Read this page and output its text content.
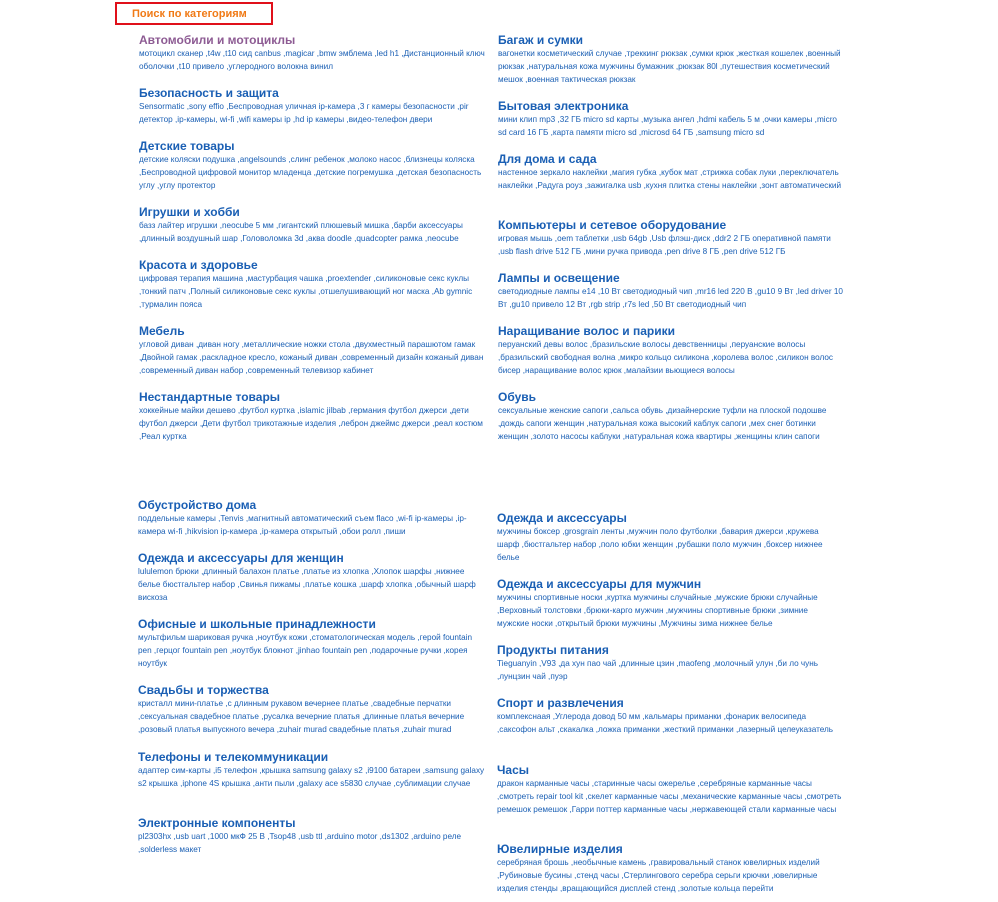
Поиск по категориям
Автомобили и мотоциклы
мотоцикл сканер ,t4w ,t10 сид canbus ,magicar ,bmw эмблема ,led h1 ,Дистанционный ключ оболочки ,t10 привело ,углеродного волокна винил
Безопасность и защита
Sensormatic ,sony effio ,Беспроводная уличная ip-камера ,3 г камеры безопасности ,pir детектор ,ip-камеры, wi-fi ,wifi камеры ip ,hd ip камеры ,видео-телефон двери
Детские товары
детские коляски подушка ,angelsounds ,слинг ребенок ,молоко насос ,близнецы коляска ,Беспроводной цифровой монитор младенца ,детские погремушка ,детская безопасность углу ,углу протектор
Игрушки и хобби
базз лайтер игрушки ,neocube 5 мм ,гигантский плюшевый мишка ,барби аксессуары ,длинный воздушный шар ,Головоломка 3d ,аква doodle ,quadcopter рамка ,neocube
Красота и здоровье
цифровая терапия машина ,мастурбация чашка ,proextender ,силиконовые секс куклы ,тонкий патч ,Полный силиконовые секс куклы ,отшелушивающий ног маска ,Ab gymnic ,турмалин пояса
Мебель
угловой диван ,диван ногу ,металлические ножки стола ,двухместный парашютом гамак ,Двойной гамак ,раскладное кресло, кожаный диван ,современный дизайн кожаный диван ,современный диван набор ,современный телевизор кабинет
Нестандартные товары
хоккейные майки дешево ,футбол куртка ,islamic jilbab ,германия футбол джерси ,дети футбол джерси ,Дети футбол трикотажные изделия ,леброн джеймс джерси ,реал костюм ,Реал куртка
Багаж и сумки
вагонетки косметический случае ,треккинг рюкзак ,сумки крюк ,жесткая кошелек ,военный рюкзак ,натуральная кожа мужчины бумажник ,рюкзак 80l ,путешествия косметический мешок ,военная тактическая рюкзак
Бытовая электроника
мини клип mp3 ,32 ГБ micro sd карты ,музыка ангел ,hdmi кабель 5 м ,очки камеры ,micro sd card 16 ГБ ,карта памяти micro sd ,microsd 64 ГБ ,samsung micro sd
Для дома и сада
настенное зеркало наклейки ,магия губка ,кубок мат ,стрижка собак луки ,переключатель наклейки ,Радуга роуз ,зажигалка usb ,кухня плитка стены наклейки ,зонт автоматический
Компьютеры и сетевое оборудование
игровая мышь ,oem таблетки ,usb 64gb ,Usb флэш-диск ,ddr2 2 ГБ оперативной памяти ,usb flash drive 512 ГБ ,мини ручка привода ,pen drive 8 ГБ ,pen drive 512 ГБ
Лампы и освещение
светодиодные лампы e14 ,10 Вт светодиодный чип ,mr16 led 220 В ,gu10 9 Вт ,led driver 10 Вт ,gu10 привело 12 Вт ,rgb strip ,r7s led ,50 Вт светодиодный чип
Наращивание волос и парики
перуанский девы волос ,бразильские волосы девственницы ,перуанские волосы ,бразильский свободная волна ,микро кольцо силикона ,королева волос ,силикон волос бисер ,наращивание волос крюк ,малайзии вьющиеся волосы
Обувь
сексуальные женские сапоги ,сальса обувь ,дизайнерские туфли на плоской подошве ,дождь сапоги женщин ,натуральная кожа высокий каблук сапоги ,мех снег ботинки женщин ,золото насосы каблуки ,натуральная кожа квартиры ,женщины клин сапоги
Обустройство дома
поддельные камеры ,Tenvis ,магнитный автоматический съем flaco ,wi-fi ip-камеры ,ip-камера wi-fi ,hikvision ip-камера ,ip-камера открытый ,обои ролл ,пиши
Одежда и аксессуары для женщин
lululemon брюки ,длинный балахон платье ,платье из хлопка ,Хлопок шарфы ,нижнее белье бюстгальтер набор ,Свинья пижамы ,платье кошка ,шарф хлопка ,обычный шарф вискоза
Офисные и школьные принадлежности
мультфильм шариковая ручка ,ноутбук кожи ,стоматологическая модель ,герой fountain pen ,герцог fountain pen ,ноутбук блокнот ,jinhao fountain pen ,подарочные ручки ,корея ноутбук
Свадьбы и торжества
кристалл мини-платье ,с длинным рукавом вечернее платье ,свадебные перчатки ,сексуальная свадебное платье ,русалка вечерние платья ,длинные платья вечерние ,розовый платья выпускного вечера ,zuhair murad свадебные платья ,zuhair murad
Телефоны и телекоммуникации
адаптер сим-карты ,i5 телефон ,крышка samsung galaxy s2 ,i9100 батареи ,samsung galaxy s2 крышка ,iphone 4S крышка ,анти пыли ,galaxy ace s5830 случае ,сублимации случае
Электронные компоненты
pl2303hx ,usb uart ,1000 мкФ 25 В ,Tsop48 ,usb ttl ,arduino motor ,ds1302 ,arduino реле ,solderless макет
Одежда и аксессуары
мужчины боксер ,grosgrain ленты ,мужчин поло футболки ,бавария джерси ,кружева шарф ,бюстгальтер набор ,поло юбки женщин ,рубашки поло мужчин ,боксер нижнее белье
Одежда и аксессуары для мужчин
мужчины спортивные носки ,куртка мужчины случайные ,мужские брюки случайные ,Верховный толстовки ,брюки-карго мужчин ,мужчины спортивные брюки ,зимние мужские носки ,открытый брюки мужчины ,Мужчины зима нижнее белье
Продукты питания
Tieguanyin ,V93 ,да хун пао чай ,длинные цзин ,maofeng ,молочный улун ,би ло чунь ,лунцзин чай ,пуэр
Спорт и развлечения
комплекснаая ,Углерода довод 50 мм ,кальмары приманки ,фонарик велосипеда ,саксофон альт ,скакалка ,ложка приманки ,жесткий приманки ,лазерный целеуказатель
Часы
дракон карманные часы ,старинные часы ожерелье ,серебряные карманные часы ,смотреть repair tool kit ,скелет карманные часы ,механические карманные часы ,смотреть ремешок ремешок ,Гарри поттер карманные часы ,нержавеющей стали карманные часы
Ювелирные изделия
серебряная брошь ,необычные камень ,гравировальный станок ювелирных изделий ,Рубиновые бусины ,стенд часы ,Стерлингового серебра серьги крючки ,ювелирные изделия стенды ,вращающийся дисплей стенд ,золотые кольца перейти
